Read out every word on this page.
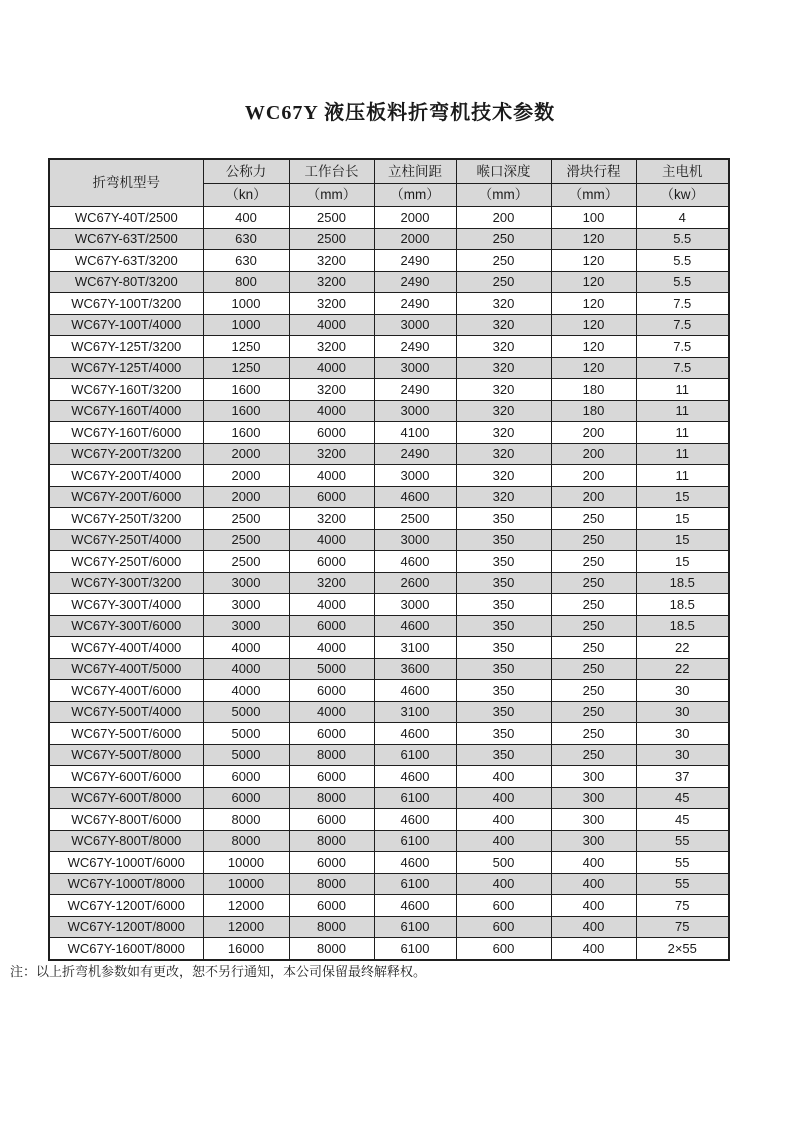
WC67Y 液压板料折弯机技术参数
折弯机型号	公称力	工作台长	立柱间距	喉口深度	滑块行程	主电机
	（kn）	（mm）	（mm）	（mm）	（mm）	（kw）
WC67Y-40T/2500	400	2500	2000	200	100	4
WC67Y-63T/2500	630	2500	2000	250	120	5.5
WC67Y-63T/3200	630	3200	2490	250	120	5.5
WC67Y-80T/3200	800	3200	2490	250	120	5.5
WC67Y-100T/3200	1000	3200	2490	320	120	7.5
WC67Y-100T/4000	1000	4000	3000	320	120	7.5
WC67Y-125T/3200	1250	3200	2490	320	120	7.5
WC67Y-125T/4000	1250	4000	3000	320	120	7.5
WC67Y-160T/3200	1600	3200	2490	320	180	11
WC67Y-160T/4000	1600	4000	3000	320	180	11
WC67Y-160T/6000	1600	6000	4100	320	200	11
WC67Y-200T/3200	2000	3200	2490	320	200	11
WC67Y-200T/4000	2000	4000	3000	320	200	11
WC67Y-200T/6000	2000	6000	4600	320	200	15
WC67Y-250T/3200	2500	3200	2500	350	250	15
WC67Y-250T/4000	2500	4000	3000	350	250	15
WC67Y-250T/6000	2500	6000	4600	350	250	15
WC67Y-300T/3200	3000	3200	2600	350	250	18.5
WC67Y-300T/4000	3000	4000	3000	350	250	18.5
WC67Y-300T/6000	3000	6000	4600	350	250	18.5
WC67Y-400T/4000	4000	4000	3100	350	250	22
WC67Y-400T/5000	4000	5000	3600	350	250	22
WC67Y-400T/6000	4000	6000	4600	350	250	30
WC67Y-500T/4000	5000	4000	3100	350	250	30
WC67Y-500T/6000	5000	6000	4600	350	250	30
WC67Y-500T/8000	5000	8000	6100	350	250	30
WC67Y-600T/6000	6000	6000	4600	400	300	37
WC67Y-600T/8000	6000	8000	6100	400	300	45
WC67Y-800T/6000	8000	6000	4600	400	300	45
WC67Y-800T/8000	8000	8000	6100	400	300	55
WC67Y-1000T/6000	10000	6000	4600	500	400	55
WC67Y-1000T/8000	10000	8000	6100	400	400	55
WC67Y-1200T/6000	12000	6000	4600	600	400	75
WC67Y-1200T/8000	12000	8000	6100	600	400	75
WC67Y-1600T/8000	16000	8000	6100	600	400	2×55
注：以上折弯机参数如有更改，恕不另行通知，本公司保留最终解释权。
